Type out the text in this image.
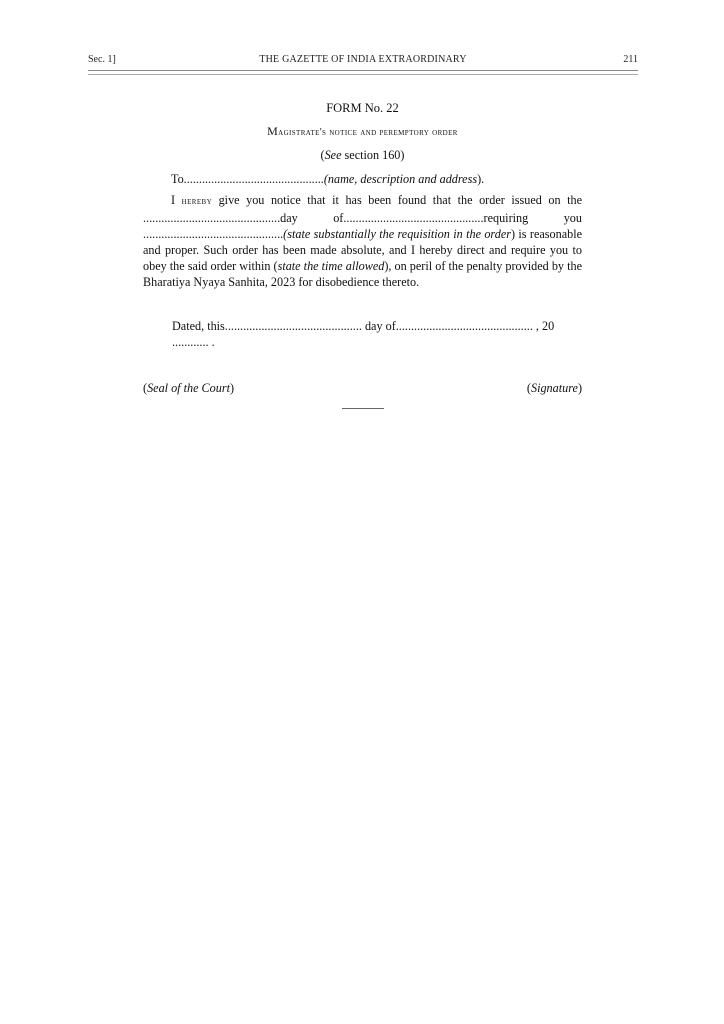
Sec. 1]	THE GAZETTE OF INDIA EXTRAORDINARY	211
FORM No. 22
Magistrate's notice and peremptory order
(See section 160)
To..............................................(name, description and address).
I hereby give you notice that it has been found that the order issued on the .............................................day of..............................................requiring you ..............................................(state substantially the requisition in the order) is reasonable and proper. Such order has been made absolute, and I hereby direct and require you to obey the said order within (state the time allowed), on peril of the penalty provided by the Bharatiya Nyaya Sanhita, 2023 for disobedience thereto.
Dated, this............................................. day of............................................. , 20 ............ .
(Seal of the Court)	(Signature)
